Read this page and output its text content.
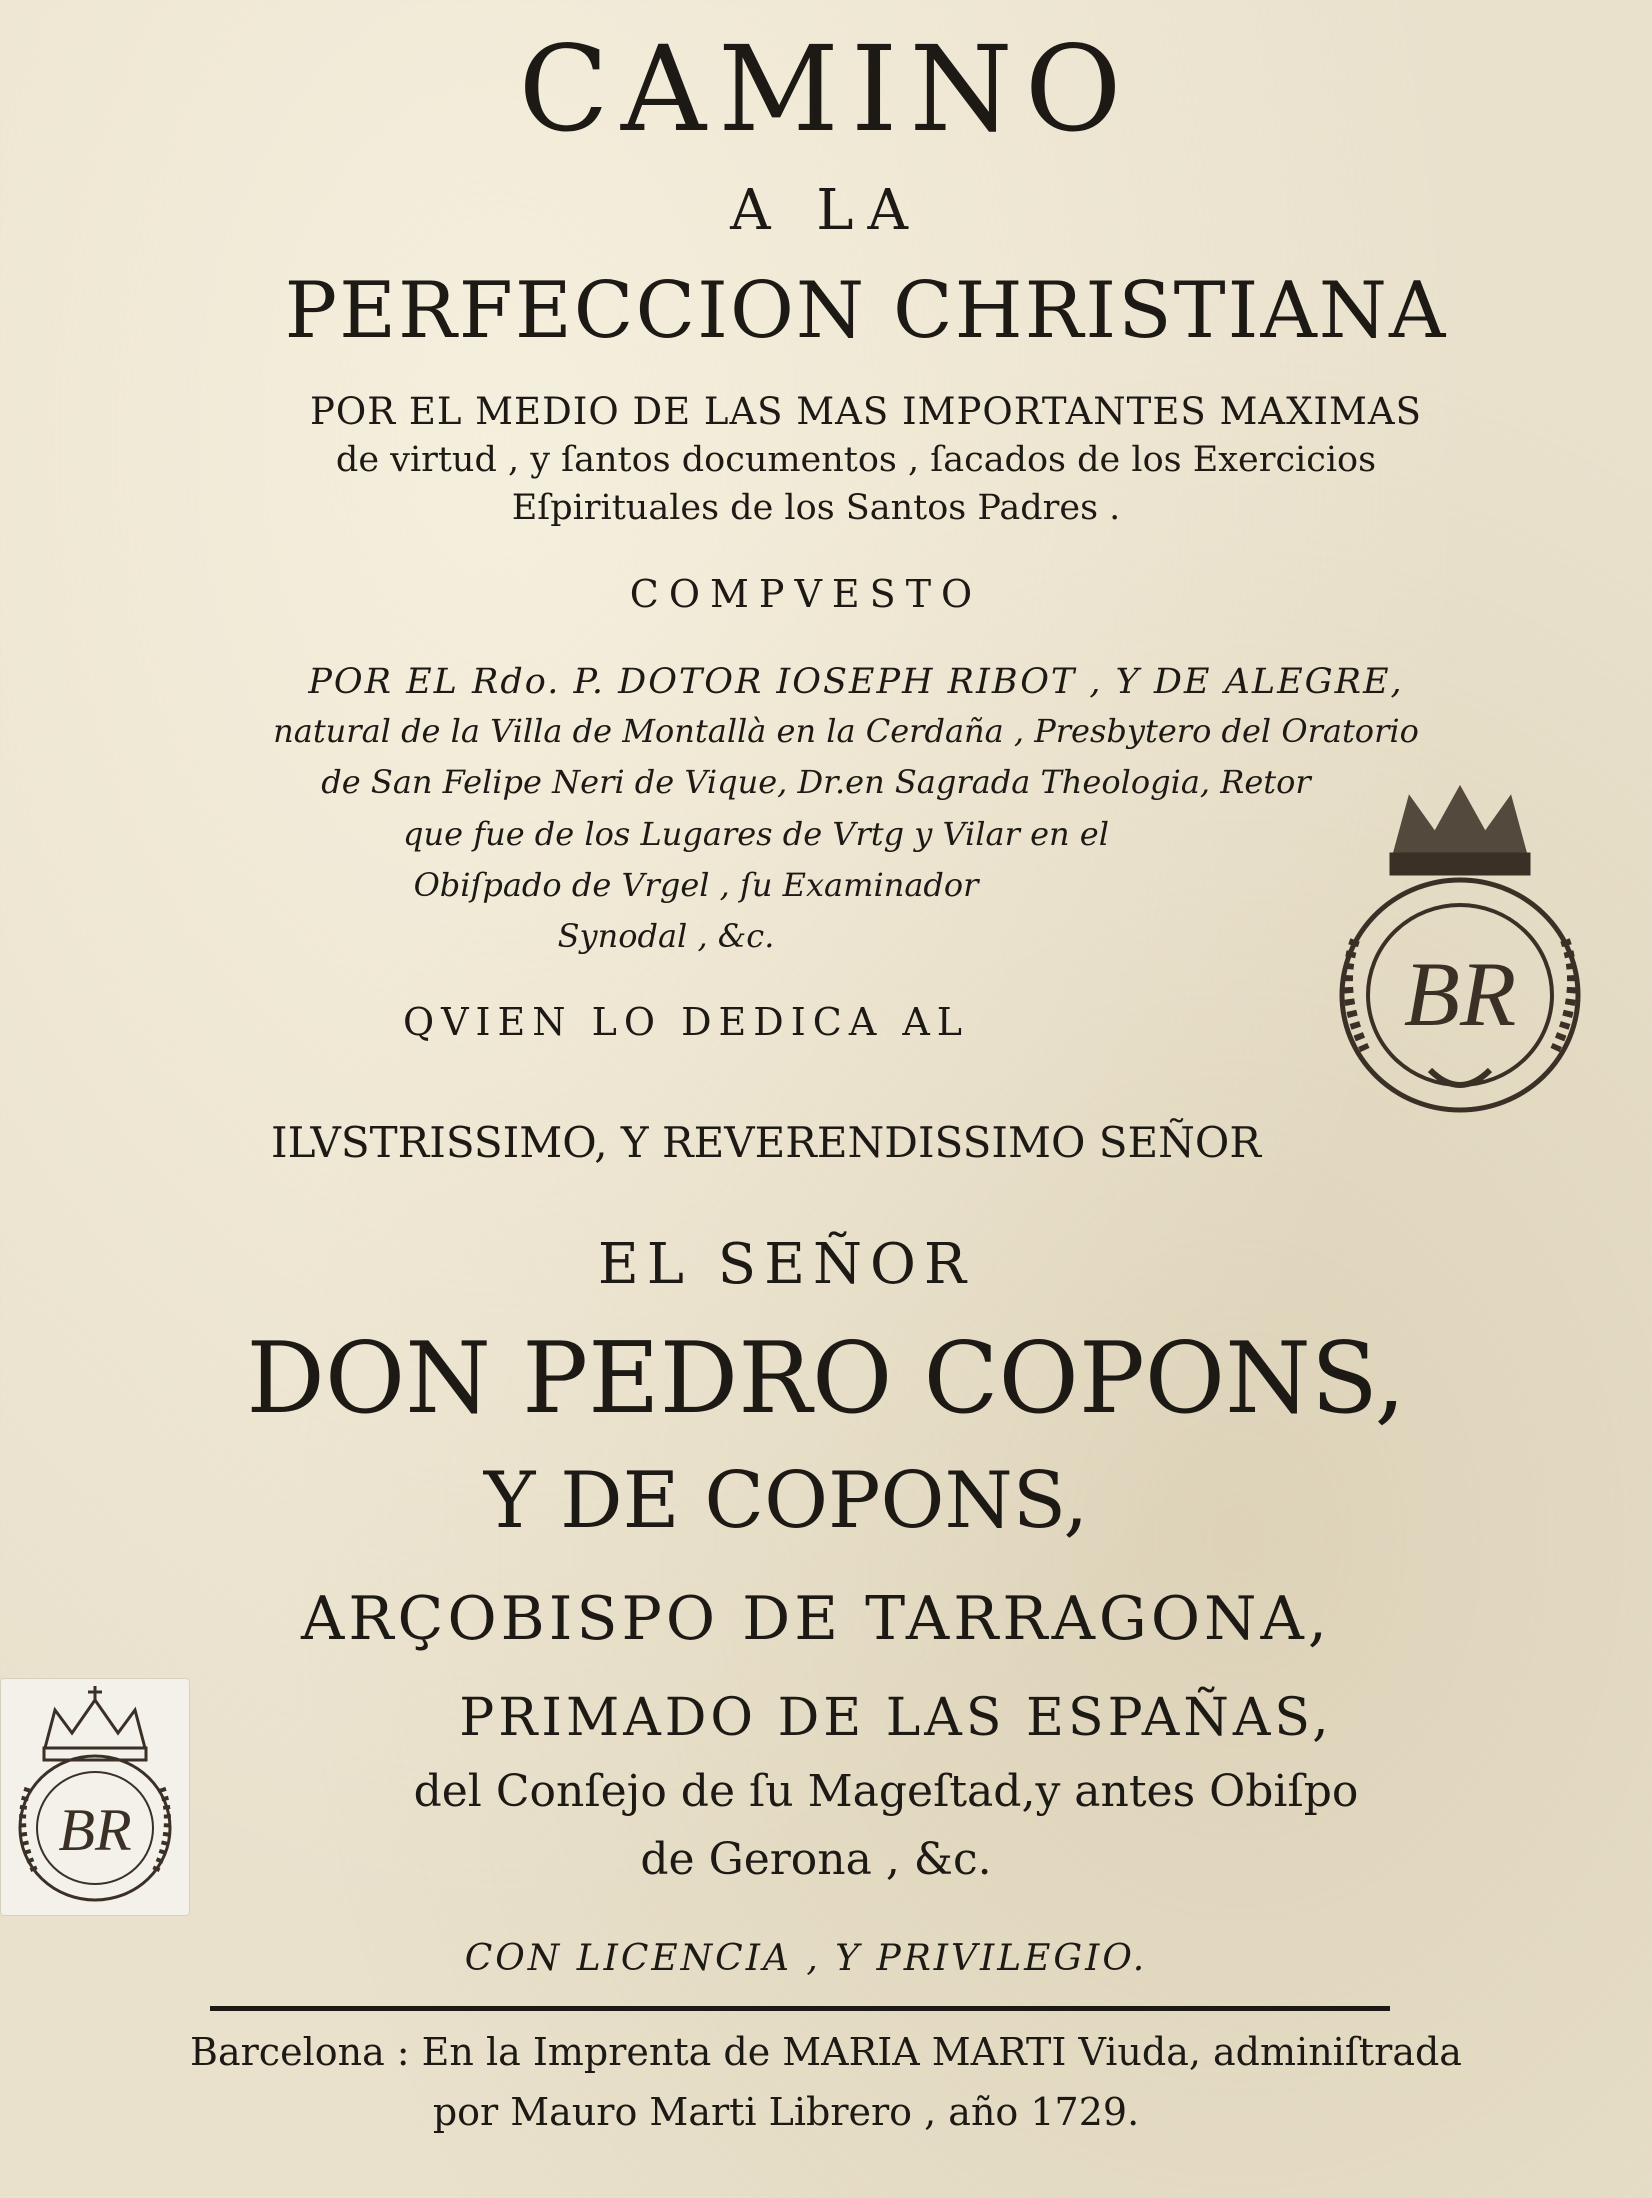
CAMINO
A LA
PERFECCION CHRISTIANA
POR EL MEDIO DE LAS MAS IMPORTANTES MAXIMAS
de virtud , y ſantos documentos , ſacados de los Exercicios
Eſpirituales de los Santos Padres .
COMPVESTO
POR EL Rdo. P. DOTOR IOSEPH RIBOT , Y DE ALEGRE,
natural de la Villa de Montallà en la Cerdaña , Presbytero del Oratorio
de San Felipe Neri de Vique, Dr.en Sagrada Theologia, Retor
que fue de los Lugares de Vrtg y Vilar en el
Obiſpado de Vrgel , ſu Examinador
Synodal , &c.
QVIEN LO DEDICA AL
ILVSTRISSIMO, Y REVERENDISSIMO SEÑOR
EL SEÑOR
DON PEDRO COPONS,
Y DE COPONS,
ARÇOBISPO DE TARRAGONA,
PRIMADO DE LAS ESPAÑAS,
del Conſejo de ſu Mageſtad,y antes Obiſpo
de Gerona , &c.
CON LICENCIA , Y PRIVILEGIO.
Barcelona : En la Imprenta de MARIA MARTI Viuda, adminiſtrada
por Mauro Marti Librero , año 1729.
BR
BR
